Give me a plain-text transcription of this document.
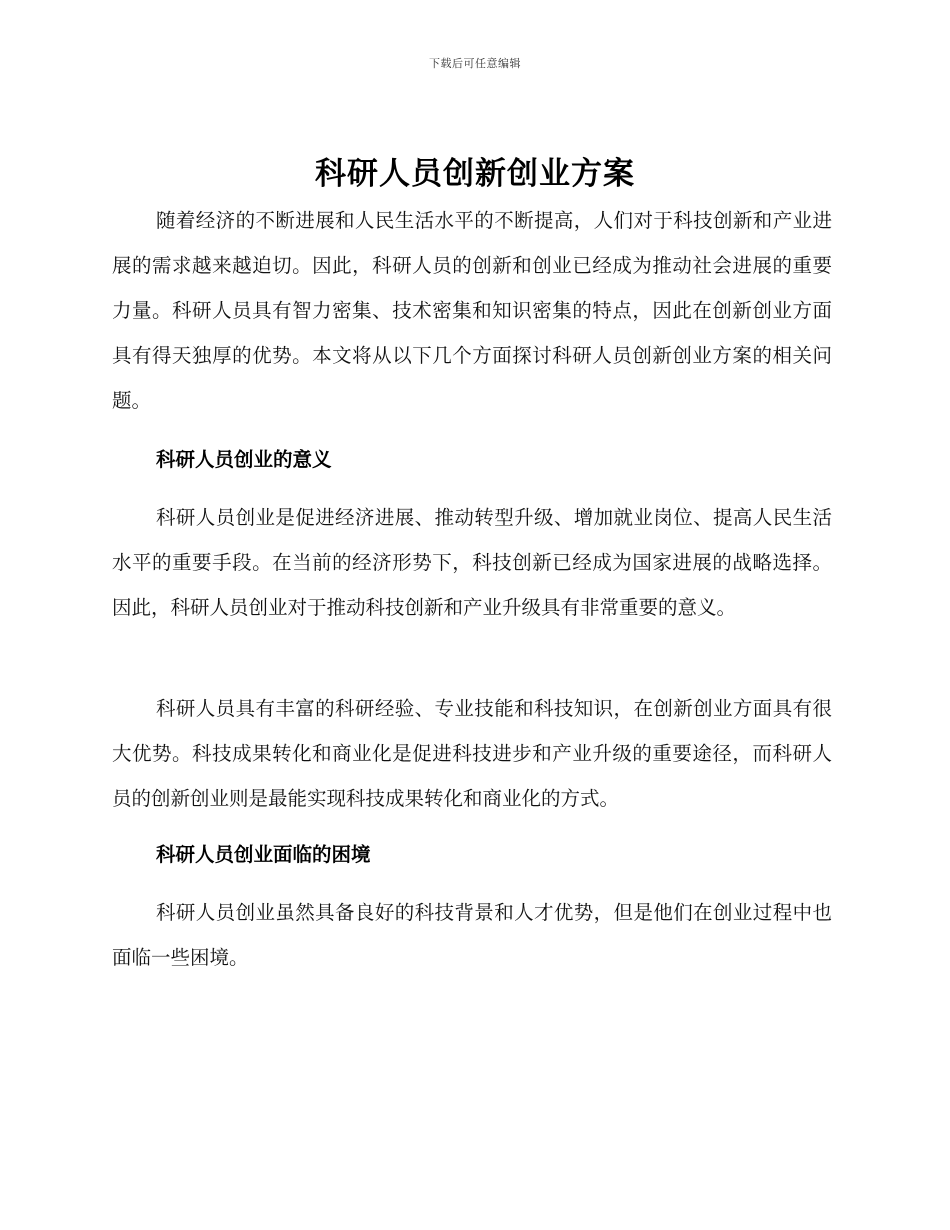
下载后可任意编辑
科研人员创新创业方案

随着经济的不断进展和人民生活水平的不断提高，人们对于科技创新和产业进展的需求越来越迫切。因此，科研人员的创新和创业已经成为推动社会进展的重要力量。科研人员具有智力密集、技术密集和知识密集的特点，因此在创新创业方面具有得天独厚的优势。本文将从以下几个方面探讨科研人员创新创业方案的相关问题。

科研人员创业的意义

科研人员创业是促进经济进展、推动转型升级、增加就业岗位、提高人民生活水平的重要手段。在当前的经济形势下，科技创新已经成为国家进展的战略选择。因此，科研人员创业对于推动科技创新和产业升级具有非常重要的意义。

科研人员具有丰富的科研经验、专业技能和科技知识，在创新创业方面具有很大优势。科技成果转化和商业化是促进科技进步和产业升级的重要途径，而科研人员的创新创业则是最能实现科技成果转化和商业化的方式。

科研人员创业面临的困境

科研人员创业虽然具备良好的科技背景和人才优势，但是他们在创业过程中也面临一些困境。
